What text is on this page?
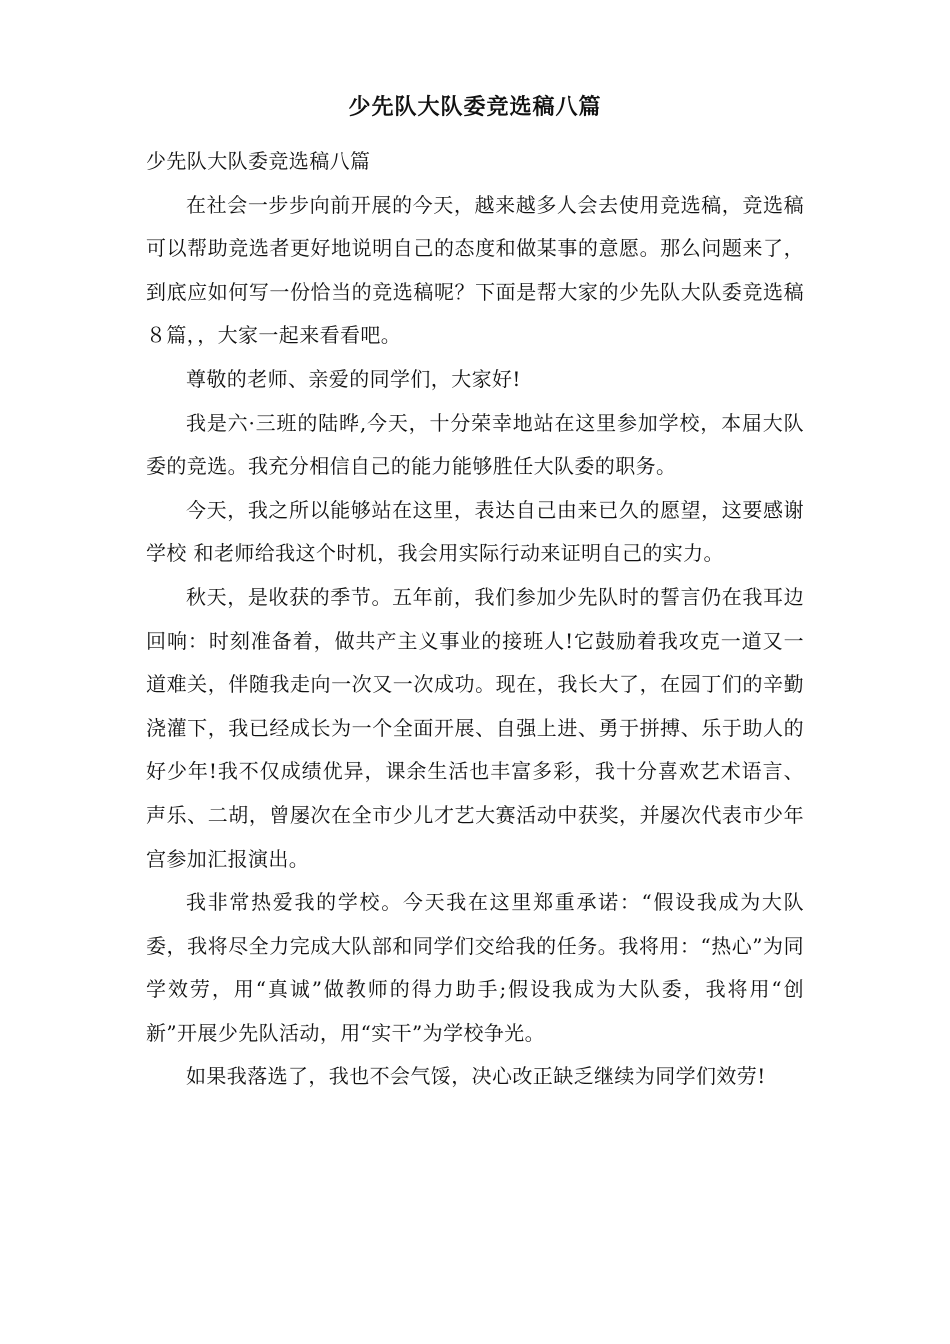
少先队大队委竞选稿八篇

少先队大队委竞选稿八篇

在社会一步步向前开展的今天，越来越多人会去使用竞选稿，竞选稿可以帮助竞选者更好地说明自己的态度和做某事的意愿。那么问题来了，到底应如何写一份恰当的竞选稿呢？下面是帮大家的少先队大队委竞选稿８篇，，大家一起来看看吧。

尊敬的老师、亲爱的同学们，大家好!

我是六·三班的陆晔,今天，十分荣幸地站在这里参加学校，本届大队委的竞选。我充分相信自己的能力能够胜任大队委的职务。

今天，我之所以能够站在这里，表达自己由来已久的愿望，这要感谢学校 和老师给我这个时机，我会用实际行动来证明自己的实力。

秋天，是收获的季节。五年前，我们参加少先队时的誓言仍在我耳边回响：时刻准备着，做共产主义事业的接班人!它鼓励着我攻克一道又一道难关，伴随我走向一次又一次成功。现在，我长大了，在园丁们的辛勤浇灌下，我已经成长为一个全面开展、自强上进、勇于拼搏、乐于助人的好少年!我不仅成绩优异，课余生活也丰富多彩，我十分喜欢艺术语言、声乐、二胡，曾屡次在全市少儿才艺大赛活动中获奖，并屡次代表市少年宫参加汇报演出。

我非常热爱我的学校。今天我在这里郑重承诺：“假设我成为大队委，我将尽全力完成大队部和同学们交给我的任务。我将用：“热心”为同学效劳，用“真诚”做教师的得力助手;假设我成为大队委，我将用“创新”开展少先队活动，用“实干”为学校争光。

如果我落选了，我也不会气馁，决心改正缺乏继续为同学们效劳!
